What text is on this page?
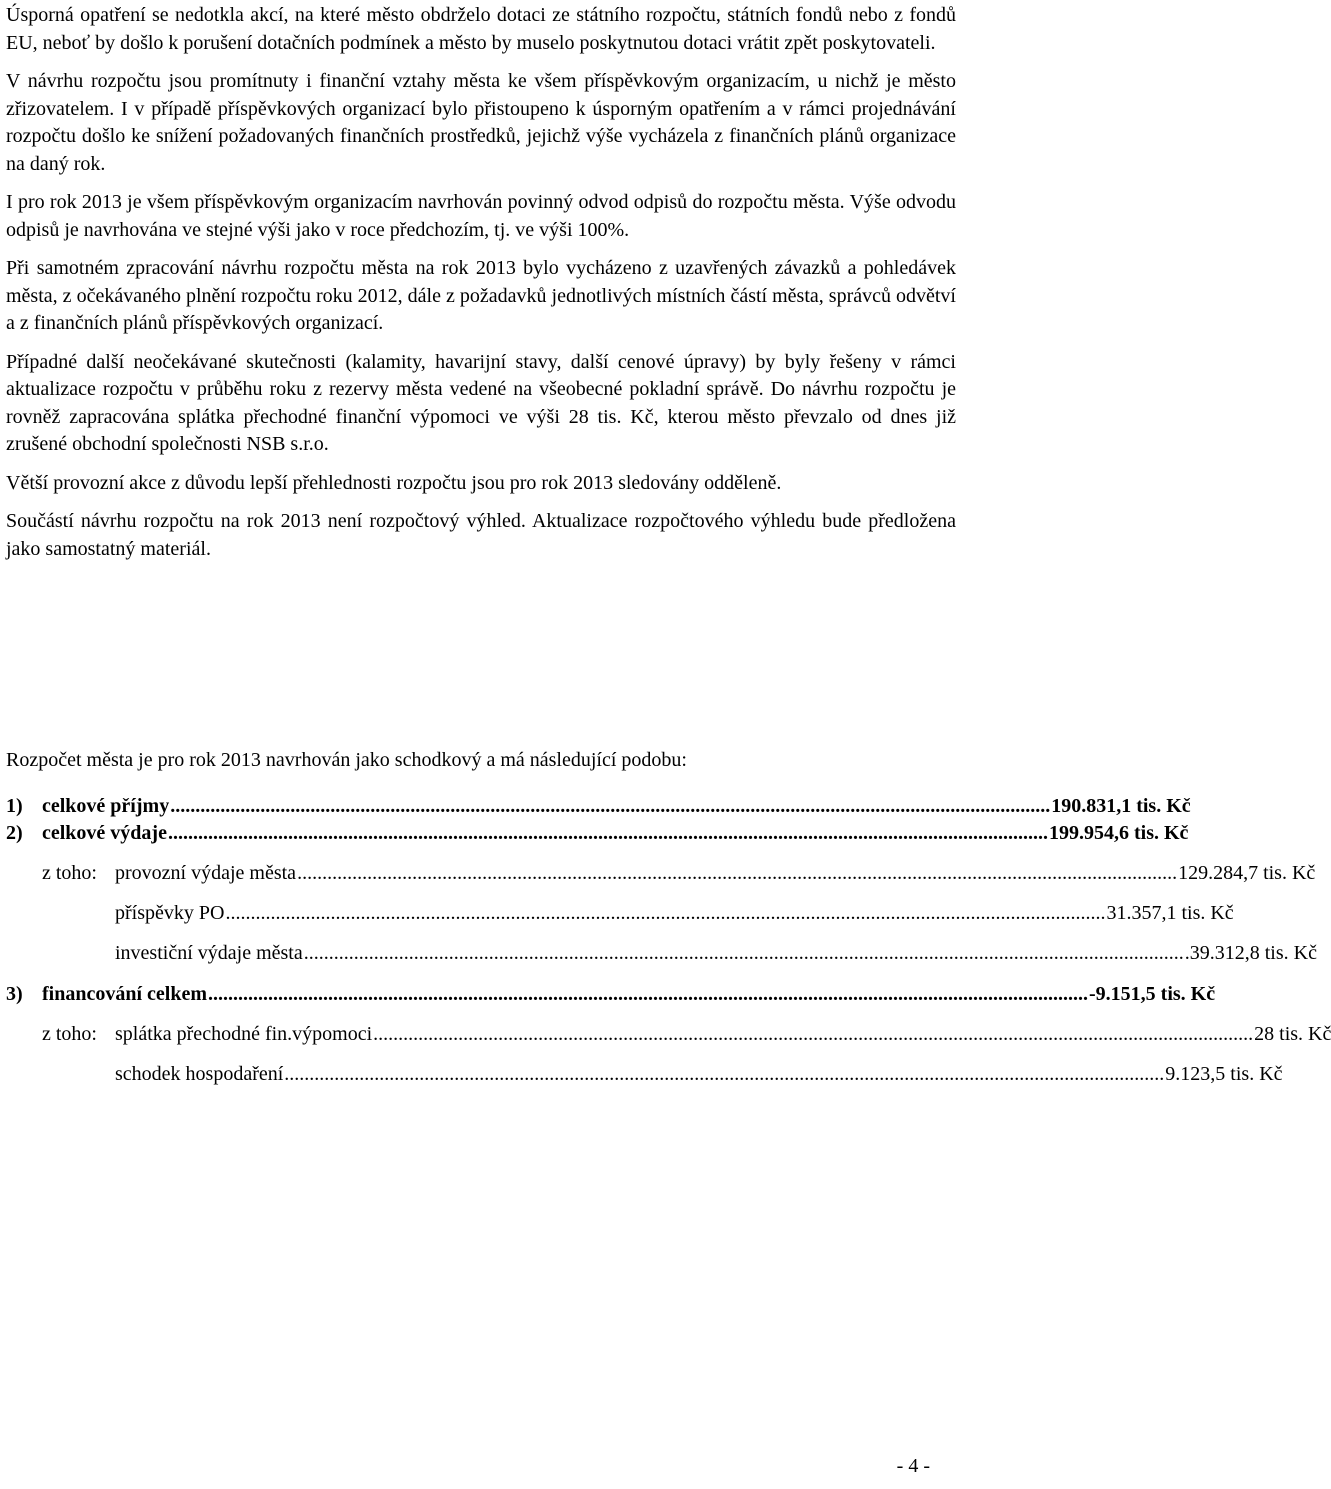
Úsporná opatření se nedotkla akcí, na které město obdrželo dotaci ze státního rozpočtu, státních fondů nebo z fondů EU, neboť by došlo k porušení dotačních podmínek a město by muselo poskytnutou dotaci vrátit zpět poskytovateli.

V návrhu rozpočtu jsou promítnuty i finanční vztahy města ke všem příspěvkovým organizacím, u nichž je město zřizovatelem. I v případě příspěvkových organizací bylo přistoupeno k úsporným opatřením a v rámci projednávání rozpočtu došlo ke snížení požadovaných finančních prostředků, jejichž výše vycházela z finančních plánů organizace na daný rok.

I pro rok 2013 je všem příspěvkovým organizacím navrhován povinný odvod odpisů do rozpočtu města. Výše odvodu odpisů je navrhována ve stejné výši jako v roce předchozím, tj. ve výši 100%.

Při samotném zpracování návrhu rozpočtu města na rok 2013 bylo vycházeno z uzavřených závazků a pohledávek města, z očekávaného plnění rozpočtu roku 2012, dále z požadavků jednotlivých místních částí města, správců odvětví a z finančních plánů příspěvkových organizací.

Případné další neočekávané skutečnosti (kalamity, havarijní stavy, další cenové úpravy) by byly řešeny v rámci aktualizace rozpočtu v průběhu roku z rezervy města vedené na všeobecné pokladní správě. Do návrhu rozpočtu je rovněž zapracována splátka přechodné finanční výpomoci ve výši 28 tis. Kč, kterou město převzalo od dnes již zrušené obchodní společnosti NSB s.r.o.

Větší provozní akce z důvodu lepší přehlednosti rozpočtu jsou pro rok 2013 sledovány odděleně.

Součástí návrhu rozpočtu na rok 2013 není rozpočtový výhled. Aktualizace rozpočtového výhledu bude předložena jako samostatný materiál.

Rozpočet města je pro rok 2013 navrhován jako schodkový a má následující podobu:

1) celkové příjmy ................................................................................................................................................................................ 190.831,1 tis. Kč
2) celkové výdaje ................................................................................................................................................................................ 199.954,6 tis. Kč
z toho: provozní výdaje města ................................................................................................................................................................................ 129.284,7 tis. Kč
příspěvky PO ................................................................................................................................................................................ 31.357,1 tis. Kč
investiční výdaje města ................................................................................................................................................................................ .39.312,8 tis. Kč
3) financování celkem ................................................................................................................................................................................ -9.151,5 tis. Kč
z toho: splátka přechodné fin.výpomoci ................................................................................................................................................................................ 28 tis. Kč
schodek hospodaření ................................................................................................................................................................................ 9.123,5 tis. Kč
- 4 -
